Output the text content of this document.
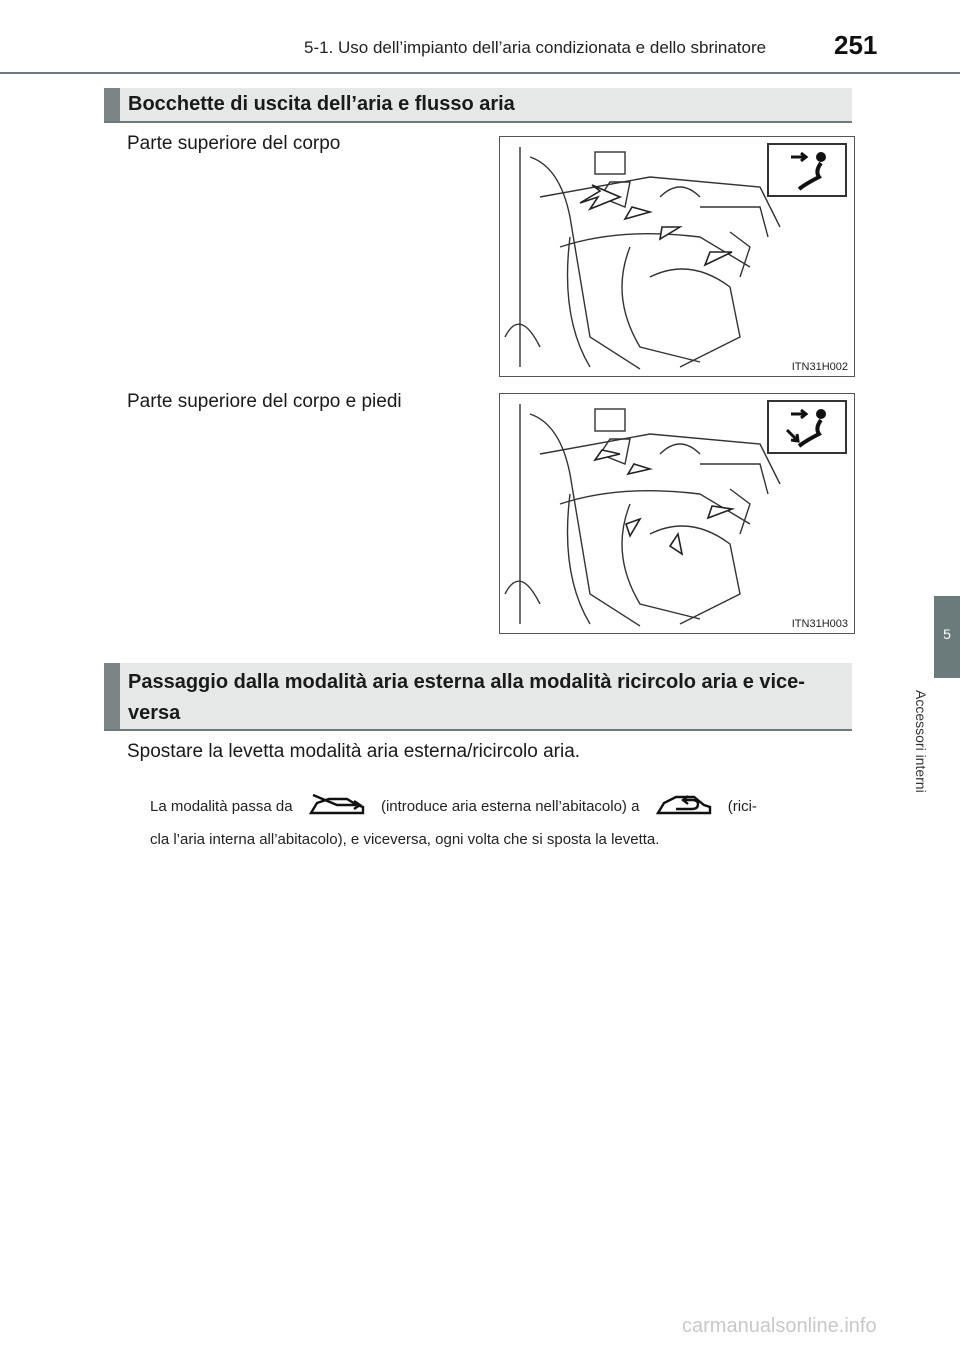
5-1. Uso dell’impianto dell’aria condizionata e dello sbrinatore	251
5
Accessori interni
Bocchette di uscita dell’aria e flusso aria
Parte superiore del corpo
ITN31H002
Parte superiore del corpo e piedi
ITN31H003
Passaggio dalla modalità aria esterna alla modalità ricircolo aria e vice-
versa
Spostare la levetta modalità aria esterna/ricircolo aria.
La modalità passa da	(introduce aria esterna nell’abitacolo) a	(rici-
cla l’aria interna all’abitacolo), e viceversa, ogni volta che si sposta la levetta.
carmanualsonline.info
